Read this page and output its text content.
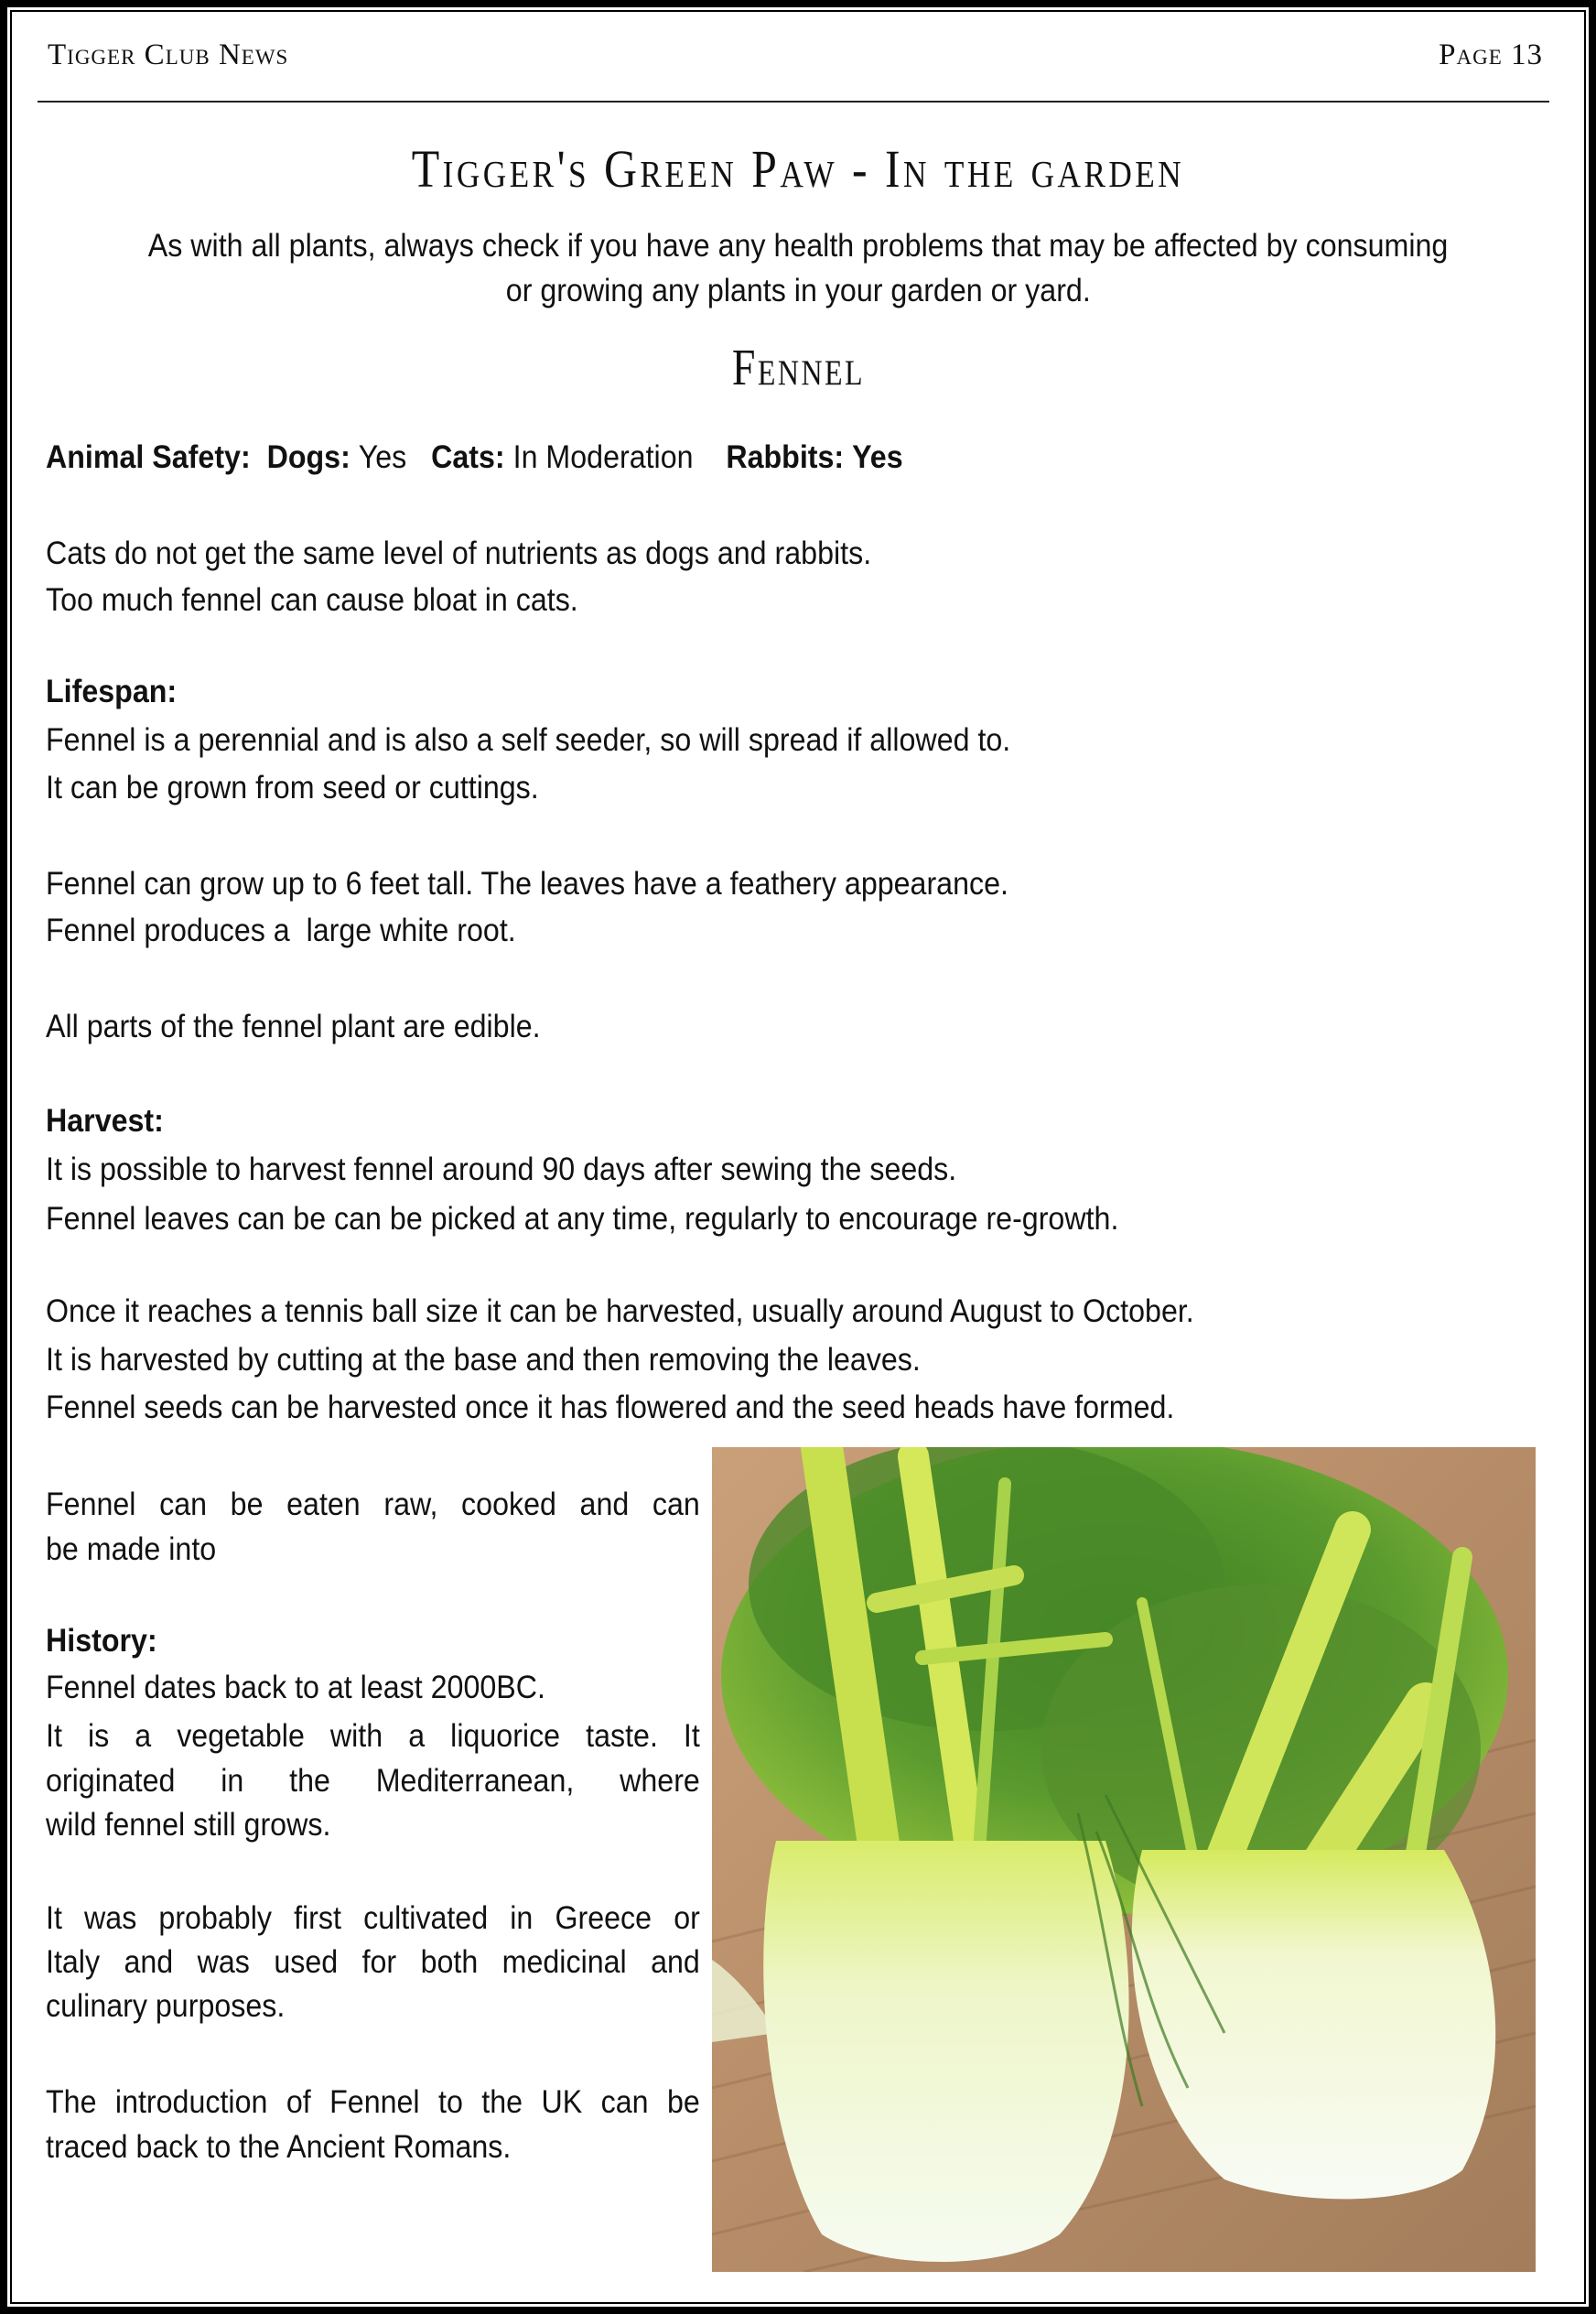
Tigger Club News	Page 13
Tigger's Green Paw - In the garden
As with all plants, always check if you have any health problems that may be affected by consuming
or growing any plants in your garden or yard.
Fennel
Animal Safety: Dogs: Yes Cats: In Moderation Rabbits: Yes
Cats do not get the same level of nutrients as dogs and rabbits.
Too much fennel can cause bloat in cats.
Lifespan:
Fennel is a perennial and is also a self seeder, so will spread if allowed to.
It can be grown from seed or cuttings.
Fennel can grow up to 6 feet tall. The leaves have a feathery appearance.
Fennel produces a  large white root.
All parts of the fennel plant are edible.
Harvest:
It is possible to harvest fennel around 90 days after sewing the seeds.
Fennel leaves can be can be picked at any time, regularly to encourage re-growth.
Once it reaches a tennis ball size it can be harvested, usually around August to October.
It is harvested by cutting at the base and then removing the leaves.
Fennel seeds can be harvested once it has flowered and the seed heads have formed.
Fennel can be eaten raw, cooked and can
be made into
History:
Fennel dates back to at least 2000BC.
It is a vegetable with a liquorice taste. It
originated in the Mediterranean, where
wild fennel still grows.
It was probably first cultivated in Greece or
Italy and was used for both medicinal and
culinary purposes.
The introduction of Fennel to the UK can be
traced back to the Ancient Romans.
